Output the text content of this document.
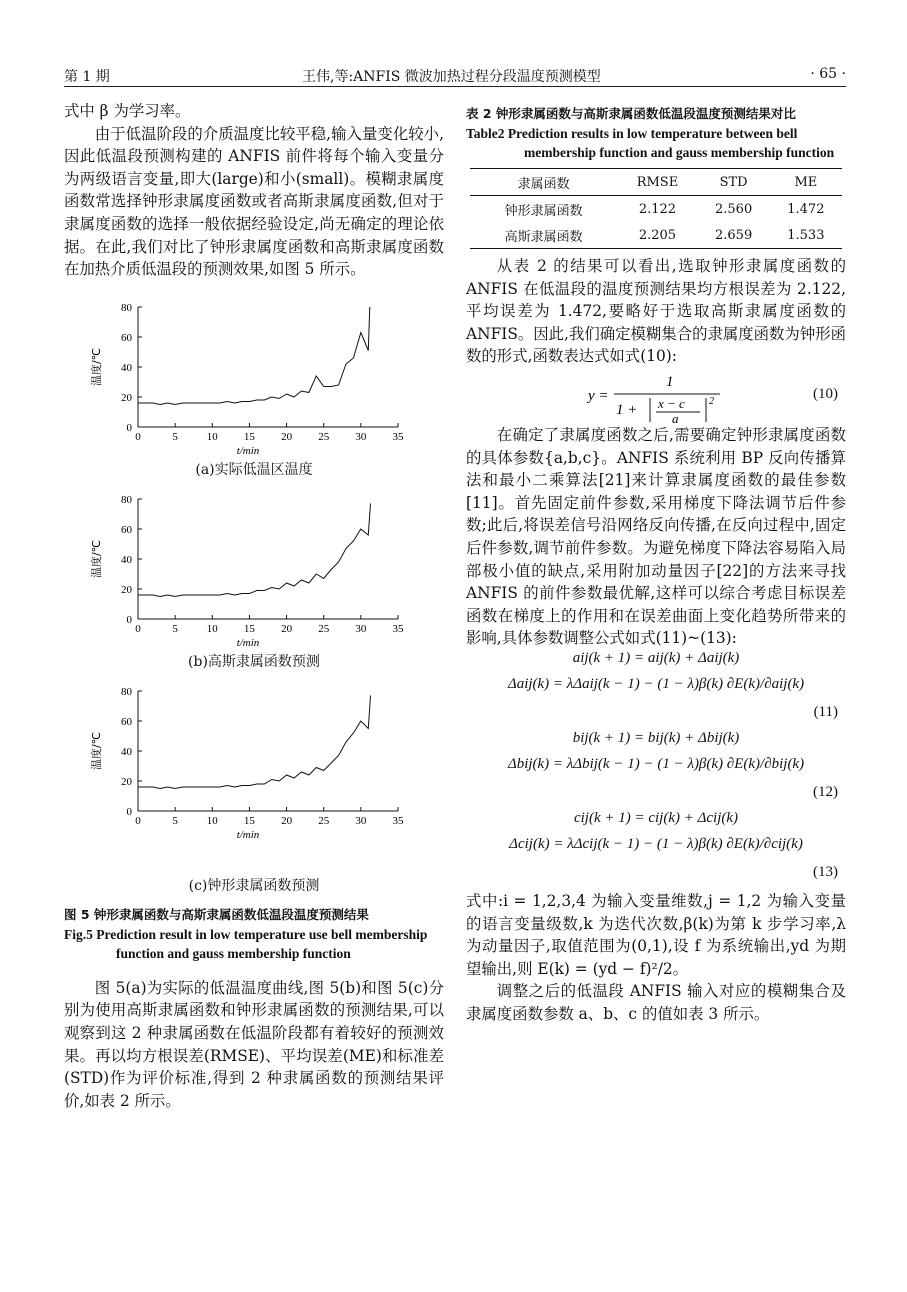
第 1 期	王伟,等:ANFIS 微波加热过程分段温度预测模型	· 65 ·

式中 β 为学习率。

由于低温阶段的介质温度比较平稳,输入量变化较小,因此低温段预测构建的 ANFIS 前件将每个输入变量分为两级语言变量,即大(large)和小(small)。模糊隶属度函数常选择钟形隶属度函数或者高斯隶属度函数,但对于隶属度函数的选择一般依据经验设定,尚无确定的理论依据。在此,我们对比了钟形隶属度函数和高斯隶属度函数在加热介质低温段的预测效果,如图 5 所示。

0	5	10 15 20 25 30 35
0
20
40
60
80
t/min
温度/℃
(a)实际低温区温度
0	5	10 15 20 25 30 35
0
20
40
60
80
t/min
温度/℃
(b)高斯隶属函数预测
0	5	10 15 20 25 30 35
0
20
40
60
80
t/min
温度/℃
(c)钟形隶属函数预测
图 5 钟形隶属函数与高斯隶属函数低温段温度预测结果
Fig.5 Prediction result in low temperature use bell membership function and gauss membership function

图 5(a)为实际的低温温度曲线,图 5(b)和图 5(c)分别为使用高斯隶属函数和钟形隶属函数的预测结果,可以观察到这 2 种隶属函数在低温阶段都有着较好的预测效果。再以均方根误差(RMSE)、平均误差(ME)和标准差(STD)作为评价标准,得到 2 种隶属函数的预测结果评价,如表 2 所示。

表 2 钟形隶属函数与高斯隶属函数低温段温度预测结果对比
Table2 Prediction results in low temperature between bell membership function and gauss membership function
隶属函数	RMSE	STD	ME
钟形隶属函数	2.122	2.560	1.472
高斯隶属函数	2.205	2.659	1.533

从表 2 的结果可以看出,选取钟形隶属度函数的 ANFIS 在低温段的温度预测结果均方根误差为 2.122,平均误差为 1.472,要略好于选取高斯隶属度函数的 ANFIS。因此,我们确定模糊集合的隶属度函数为钟形函数的形式,函数表达式如式(10):

y =
1
1 + x − c
a
2	(10)

在确定了隶属度函数之后,需要确定钟形隶属度函数的具体参数{a,b,c}。ANFIS 系统利用 BP 反向传播算法和最小二乘算法[21]来计算隶属度函数的最佳参数[11]。首先固定前件参数,采用梯度下降法调节后件参数;此后,将误差信号沿网络反向传播,在反向过程中,固定后件参数,调节前件参数。为避免梯度下降法容易陷入局部极小值的缺点,采用附加动量因子[22]的方法来寻找 ANFIS 的前件参数最优解,这样可以综合考虑目标误差函数在梯度上的作用和在误差曲面上变化趋势所带来的影响,具体参数调整公式如式(11)~(13):

aij(k + 1) = aij(k) + Δaij(k)
Δaij(k) = λΔaij(k − 1) − (1 − λ)β(k) ∂E(k)/∂aij(k)
(11)
bij(k + 1) = bij(k) + Δbij(k)
Δbij(k) = λΔbij(k − 1) − (1 − λ)β(k) ∂E(k)/∂bij(k)
(12)
cij(k + 1) = cij(k) + Δcij(k)
Δcij(k) = λΔcij(k − 1) − (1 − λ)β(k) ∂E(k)/∂cij(k)
(13)

式中:i = 1,2,3,4 为输入变量维数,j = 1,2 为输入变量的语言变量级数,k 为迭代次数,β(k)为第 k 步学习率,λ 为动量因子,取值范围为(0,1),设 f 为系统输出,yd 为期望输出,则 E(k) = (yd − f)²/2。

调整之后的低温段 ANFIS 输入对应的模糊集合及隶属度函数参数 a、b、c 的值如表 3 所示。
